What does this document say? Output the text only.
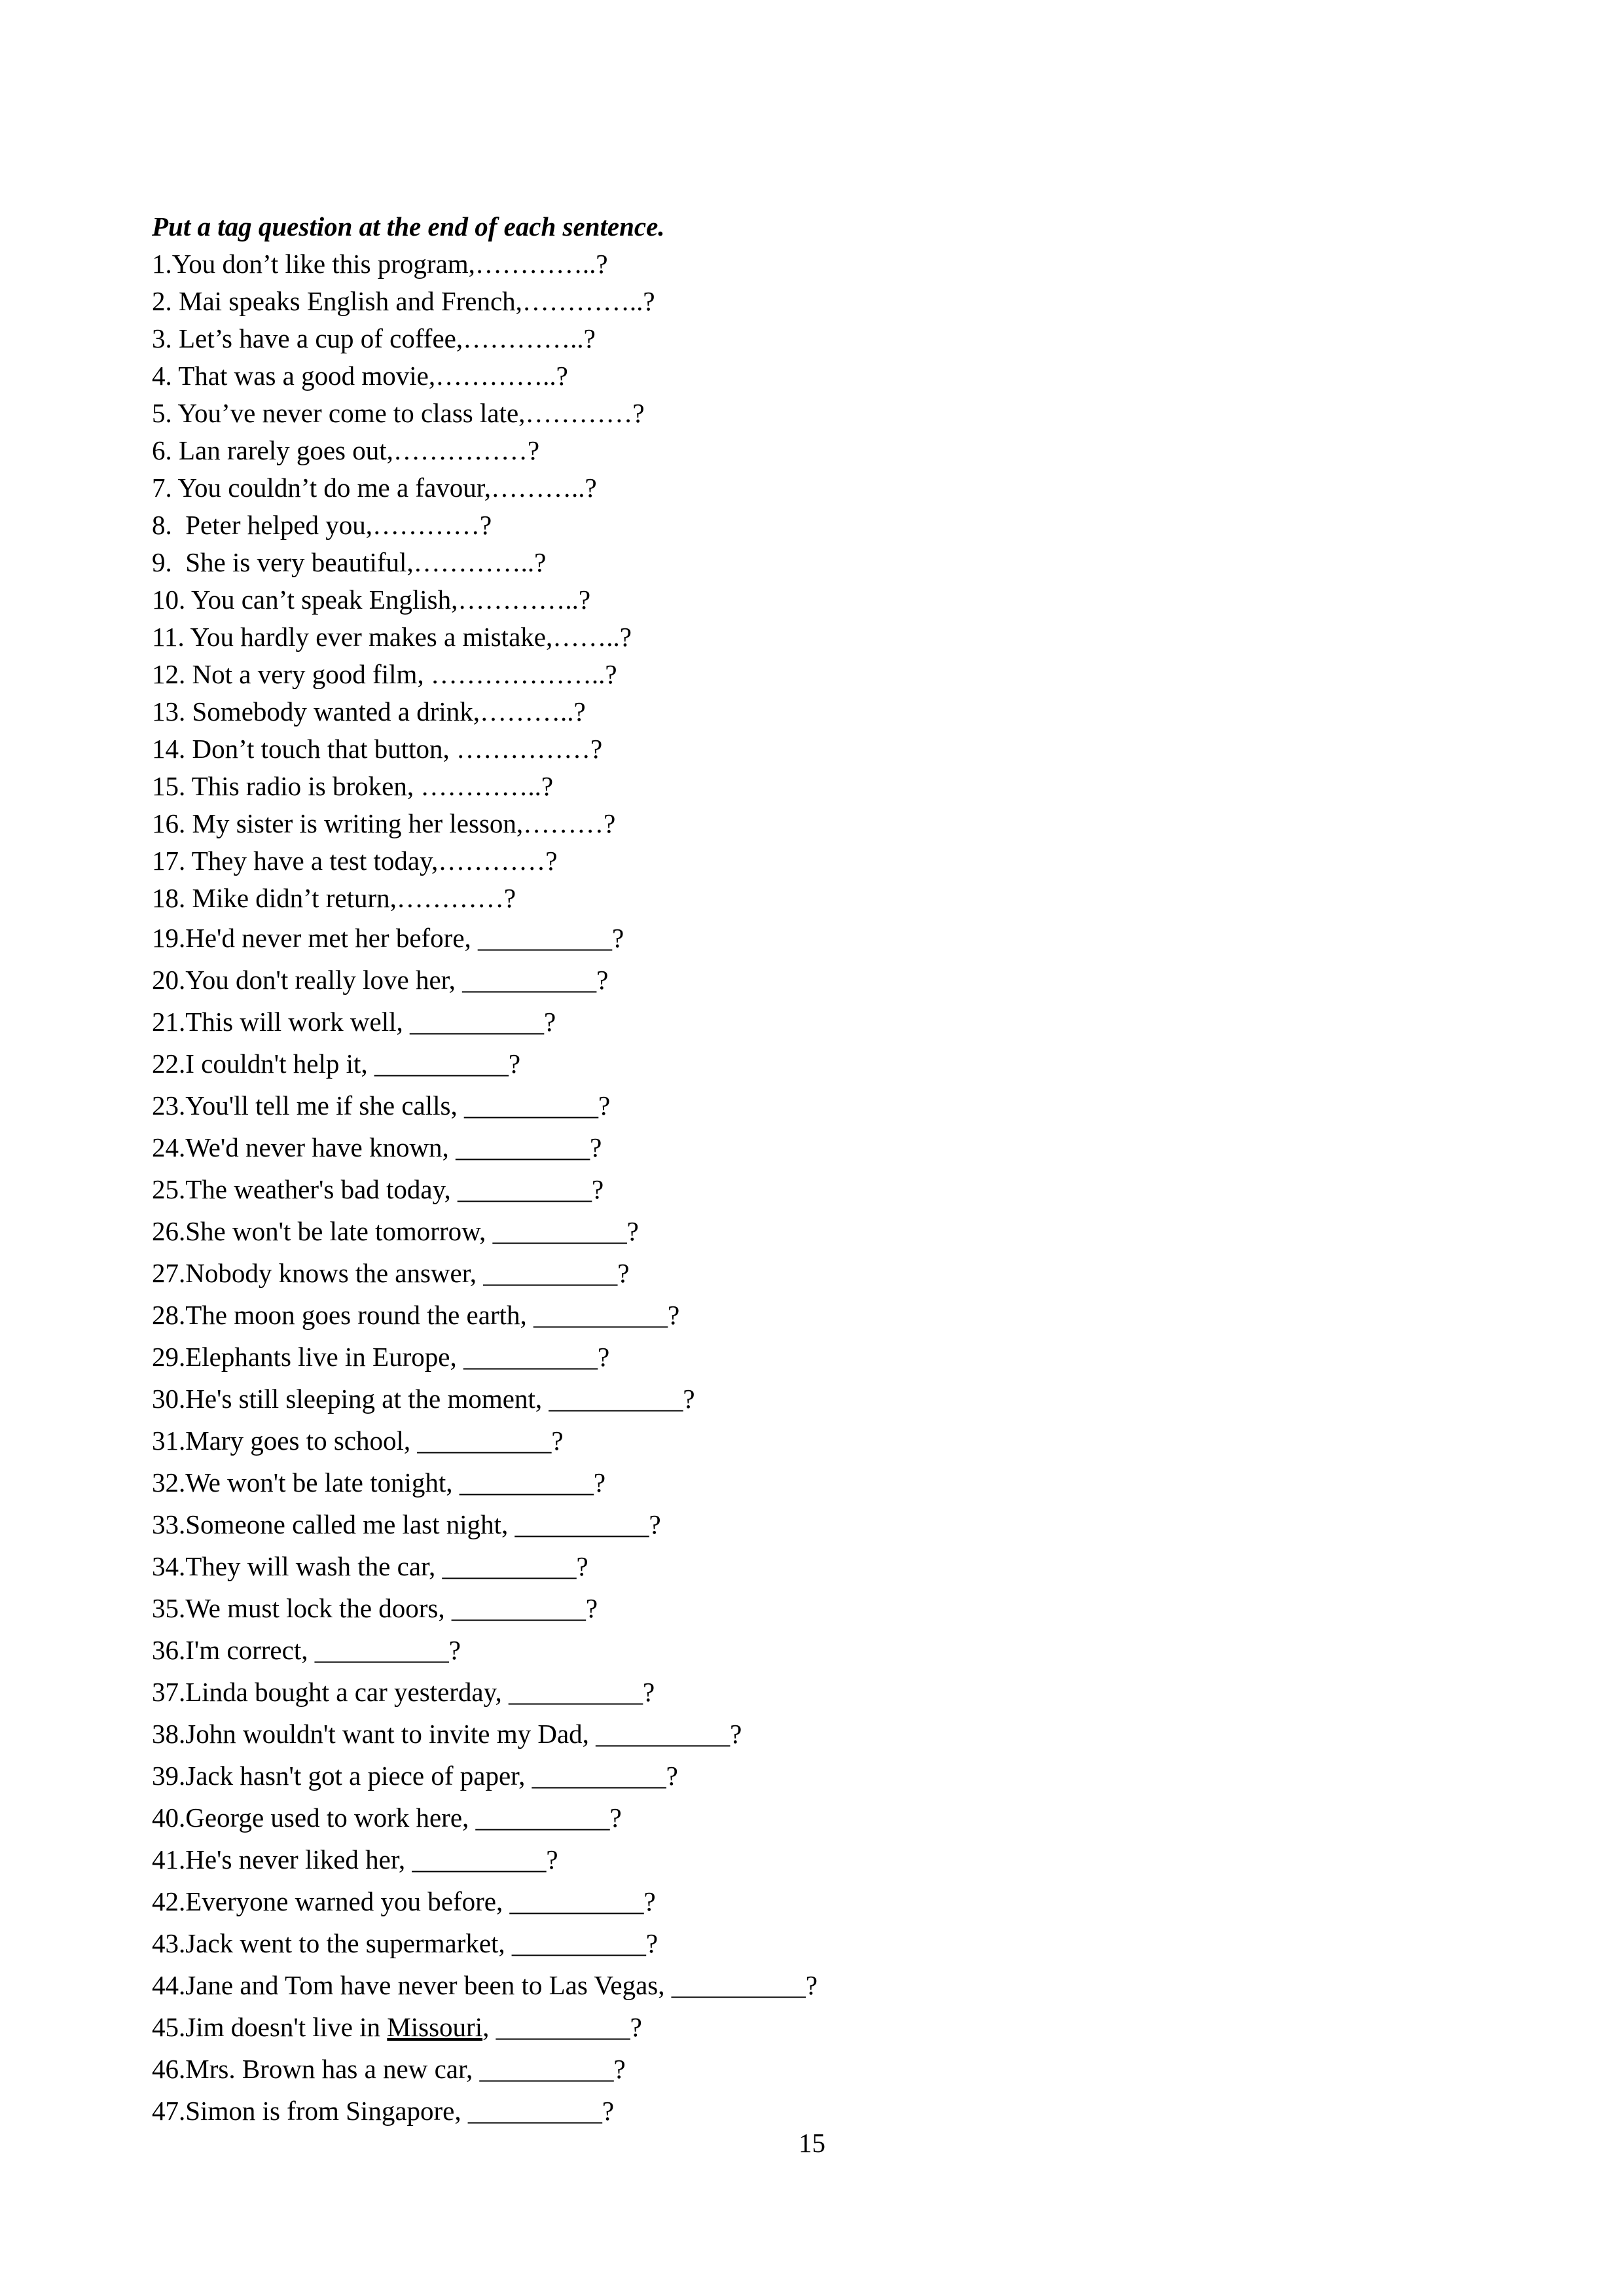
Put a tag question at the end of each sentence.
1.You don’t like this program,…………..?
2. Mai speaks English and French,…………..?
3. Let’s have a cup of coffee,…………..?
4. That was a good movie,…………..?
5. You’ve never come to class late,…………?
6. Lan rarely goes out,……………?
7. You couldn’t do me a favour,………..?
8.  Peter helped you,…………?
9.  She is very beautiful,…………..?
10. You can’t speak English,…………..?
11. You hardly ever makes a mistake,……..?
12. Not a very good film, ………………..?
13. Somebody wanted a drink,………..?
14. Don’t touch that button, ……………?
15. This radio is broken, …………..?
16. My sister is writing her lesson,………?
17. They have a test today,…………?
18. Mike didn’t return,…………?
19.He'd never met her before, __________?
20.You don't really love her, __________?
21.This will work well, __________?
22.I couldn't help it, __________?
23.You'll tell me if she calls, __________?
24.We'd never have known, __________?
25.The weather's bad today, __________?
26.She won't be late tomorrow, __________?
27.Nobody knows the answer, __________?
28.The moon goes round the earth, __________?
29.Elephants live in Europe, __________?
30.He's still sleeping at the moment, __________?
31.Mary goes to school, __________?
32.We won't be late tonight, __________?
33.Someone called me last night, __________?
34.They will wash the car, __________?
35.We must lock the doors, __________?
36.I'm correct, __________?
37.Linda bought a car yesterday, __________?
38.John wouldn't want to invite my Dad, __________?
39.Jack hasn't got a piece of paper, __________?
40.George used to work here, __________?
41.He's never liked her, __________?
42.Everyone warned you before, __________?
43.Jack went to the supermarket, __________?
44.Jane and Tom have never been to Las Vegas, __________?
45.Jim doesn't live in Missouri, __________?
46.Mrs. Brown has a new car, __________?
47.Simon is from Singapore, __________?
15
